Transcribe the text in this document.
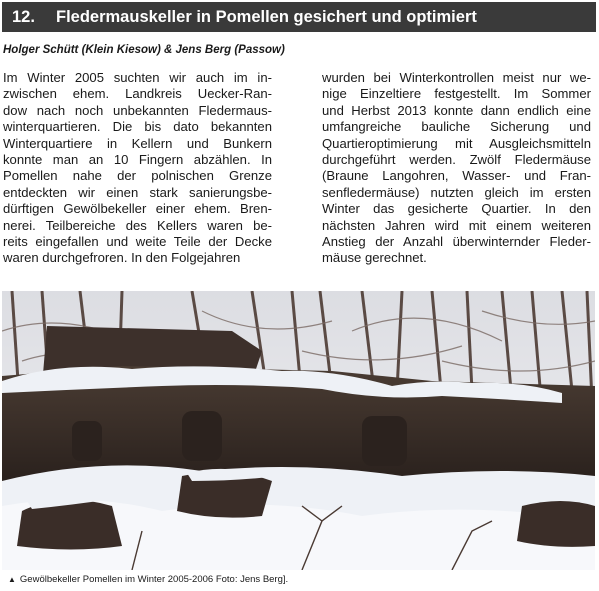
12.	Fledermauskeller in Pomellen gesichert und optimiert
Holger Schütt (Klein Kiesow) & Jens Berg (Passow)
Im Winter 2005 suchten wir auch im in-
zwischen ehem. Landkreis Uecker-Ran-
dow nach noch unbekannten Fledermaus-
winterquartieren. Die bis dato bekannten
Winterquartiere in Kellern und Bunkern
konnte man an 10 Fingern abzählen. In
Pomellen nahe der polnischen Grenze
entdeckten wir einen stark sanierungsbe-
dürftigen Gewölbekeller einer ehem. Bren-
nerei. Teilbereiche des Kellers waren be-
reits eingefallen und weite Teile der Decke
waren durchgefroren. In den Folgejahren
wurden bei Winterkontrollen meist nur we-
nige Einzeltiere festgestellt. Im Sommer
und Herbst 2013 konnte dann endlich eine
umfangreiche bauliche Sicherung und
Quartieroptimierung mit Ausgleichsmitteln
durchgeführt werden. Zwölf Fledermäuse
(Braune Langohren, Wasser- und Fran-
senfledermäuse) nutzten gleich im ersten
Winter das gesicherte Quartier. In den
nächsten Jahren wird mit einem weiteren
Anstieg der Anzahl überwinternder Fleder-
mäuse gerechnet.
▲ Gewölbekeller Pomellen im Winter 2005-2006 Foto: Jens Berg].
